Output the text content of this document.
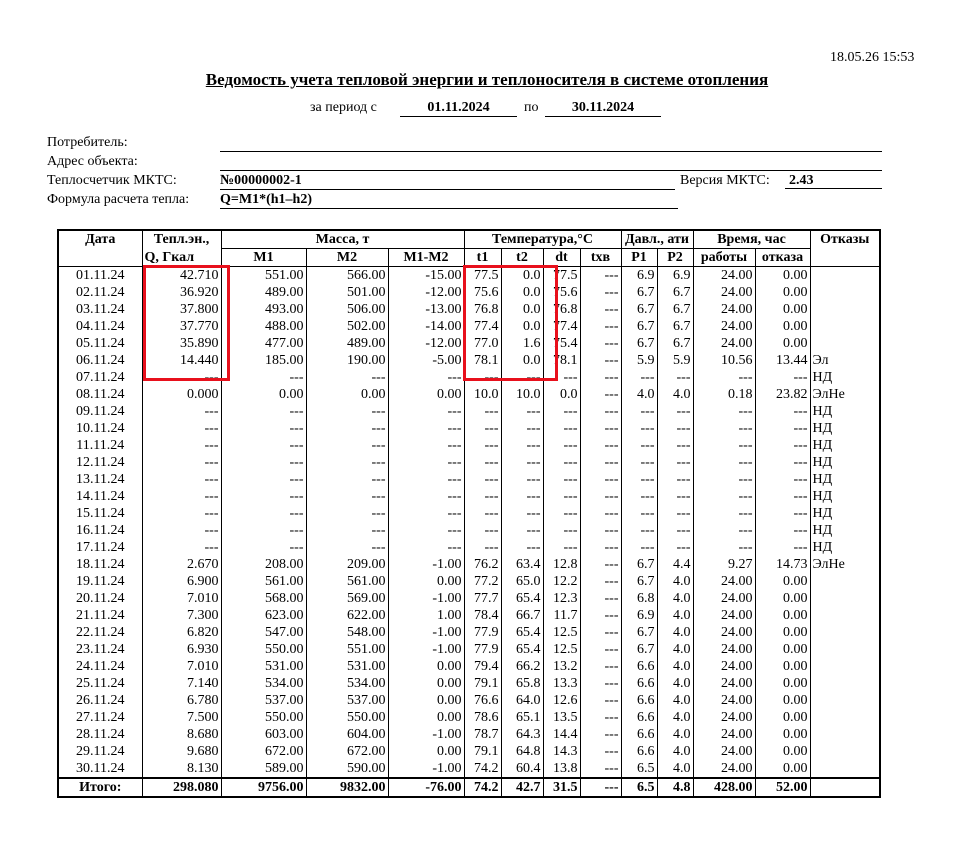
18.05.26 15:53
Ведомость учета тепловой энергии и теплоносителя в системе отопления
за период с	01.11.2024	по	30.11.2024
Потребитель:
Адрес объекта:
Теплосчетчик МКТС:	№00000002-1	Версия МКТС: 2.43
Формула расчета тепла: Q=M1*(h1–h2)
Дата	Тепл.эн.,	Масса, т			Температура,°С				Давл., ати		Время, час		Отказы
	Q, Гкал	M1	M2	M1-M2	t1	t2	dt	tхв	P1	P2	работы	отказа	
01.11.24	42.710	551.00	566.00	-15.00	77.5	0.0	77.5	---	6.9	6.9	24.00	0.00	
02.11.24	36.920	489.00	501.00	-12.00	75.6	0.0	75.6	---	6.7	6.7	24.00	0.00	
03.11.24	37.800	493.00	506.00	-13.00	76.8	0.0	76.8	---	6.7	6.7	24.00	0.00	
04.11.24	37.770	488.00	502.00	-14.00	77.4	0.0	77.4	---	6.7	6.7	24.00	0.00	
05.11.24	35.890	477.00	489.00	-12.00	77.0	1.6	75.4	---	6.7	6.7	24.00	0.00	
06.11.24	14.440	185.00	190.00	-5.00	78.1	0.0	78.1	---	5.9	5.9	10.56	13.44	Эл
07.11.24	---	---	---	---	---	---	---	---	---	---	---	---	НД
08.11.24	0.000	0.00	0.00	0.00	10.0	10.0	0.0	---	4.0	4.0	0.18	23.82	ЭлНе
09.11.24	---	---	---	---	---	---	---	---	---	---	---	---	НД
10.11.24	---	---	---	---	---	---	---	---	---	---	---	---	НД
11.11.24	---	---	---	---	---	---	---	---	---	---	---	---	НД
12.11.24	---	---	---	---	---	---	---	---	---	---	---	---	НД
13.11.24	---	---	---	---	---	---	---	---	---	---	---	---	НД
14.11.24	---	---	---	---	---	---	---	---	---	---	---	---	НД
15.11.24	---	---	---	---	---	---	---	---	---	---	---	---	НД
16.11.24	---	---	---	---	---	---	---	---	---	---	---	---	НД
17.11.24	---	---	---	---	---	---	---	---	---	---	---	---	НД
18.11.24	2.670	208.00	209.00	-1.00	76.2	63.4	12.8	---	6.7	4.4	9.27	14.73	ЭлНе
19.11.24	6.900	561.00	561.00	0.00	77.2	65.0	12.2	---	6.7	4.0	24.00	0.00	
20.11.24	7.010	568.00	569.00	-1.00	77.7	65.4	12.3	---	6.8	4.0	24.00	0.00	
21.11.24	7.300	623.00	622.00	1.00	78.4	66.7	11.7	---	6.9	4.0	24.00	0.00	
22.11.24	6.820	547.00	548.00	-1.00	77.9	65.4	12.5	---	6.7	4.0	24.00	0.00	
23.11.24	6.930	550.00	551.00	-1.00	77.9	65.4	12.5	---	6.7	4.0	24.00	0.00	
24.11.24	7.010	531.00	531.00	0.00	79.4	66.2	13.2	---	6.6	4.0	24.00	0.00	
25.11.24	7.140	534.00	534.00	0.00	79.1	65.8	13.3	---	6.6	4.0	24.00	0.00	
26.11.24	6.780	537.00	537.00	0.00	76.6	64.0	12.6	---	6.6	4.0	24.00	0.00	
27.11.24	7.500	550.00	550.00	0.00	78.6	65.1	13.5	---	6.6	4.0	24.00	0.00	
28.11.24	8.680	603.00	604.00	-1.00	78.7	64.3	14.4	---	6.6	4.0	24.00	0.00	
29.11.24	9.680	672.00	672.00	0.00	79.1	64.8	14.3	---	6.6	4.0	24.00	0.00	
30.11.24	8.130	589.00	590.00	-1.00	74.2	60.4	13.8	---	6.5	4.0	24.00	0.00	
Итого:	298.080	9756.00	9832.00	-76.00	74.2	42.7	31.5	---	6.5	4.8	428.00	52.00	
